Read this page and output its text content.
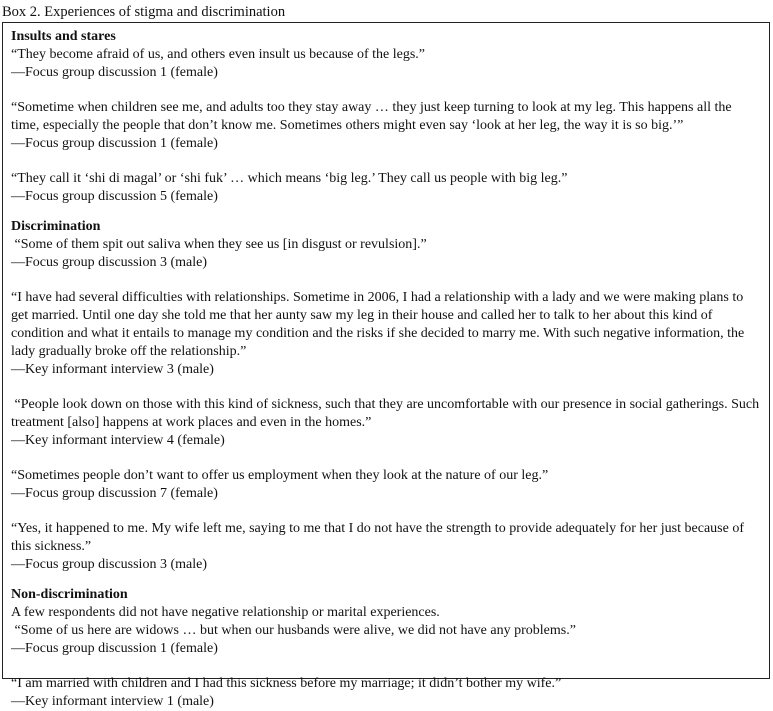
Box 2. Experiences of stigma and discrimination
Insults and stares
“They become afraid of us, and others even insult us because of the legs.”
—Focus group discussion 1 (female)
“Sometime when children see me, and adults too they stay away … they just keep turning to look at my leg. This happens all the time, especially the people that don’t know me. Sometimes others might even say ‘look at her leg, the way it is so big.’”
—Focus group discussion 1 (female)
“They call it ‘shi di magal’ or ‘shi fuk’ … which means ‘big leg.’ They call us people with big leg.”
—Focus group discussion 5 (female)
Discrimination
“Some of them spit out saliva when they see us [in disgust or revulsion].”
—Focus group discussion 3 (male)
“I have had several difficulties with relationships. Sometime in 2006, I had a relationship with a lady and we were making plans to get married. Until one day she told me that her aunty saw my leg in their house and called her to talk to her about this kind of condition and what it entails to manage my condition and the risks if she decided to marry me. With such negative information, the lady gradually broke off the relationship.”
—Key informant interview 3 (male)
“People look down on those with this kind of sickness, such that they are uncomfortable with our presence in social gatherings. Such treatment [also] happens at work places and even in the homes.”
—Key informant interview 4 (female)
“Sometimes people don’t want to offer us employment when they look at the nature of our leg.”
—Focus group discussion 7 (female)
“Yes, it happened to me. My wife left me, saying to me that I do not have the strength to provide adequately for her just because of this sickness.”
—Focus group discussion 3 (male)
Non-discrimination
A few respondents did not have negative relationship or marital experiences.
“Some of us here are widows … but when our husbands were alive, we did not have any problems.”
—Focus group discussion 1 (female)
“I am married with children and I had this sickness before my marriage; it didn’t bother my wife.”
—Key informant interview 1 (male)
